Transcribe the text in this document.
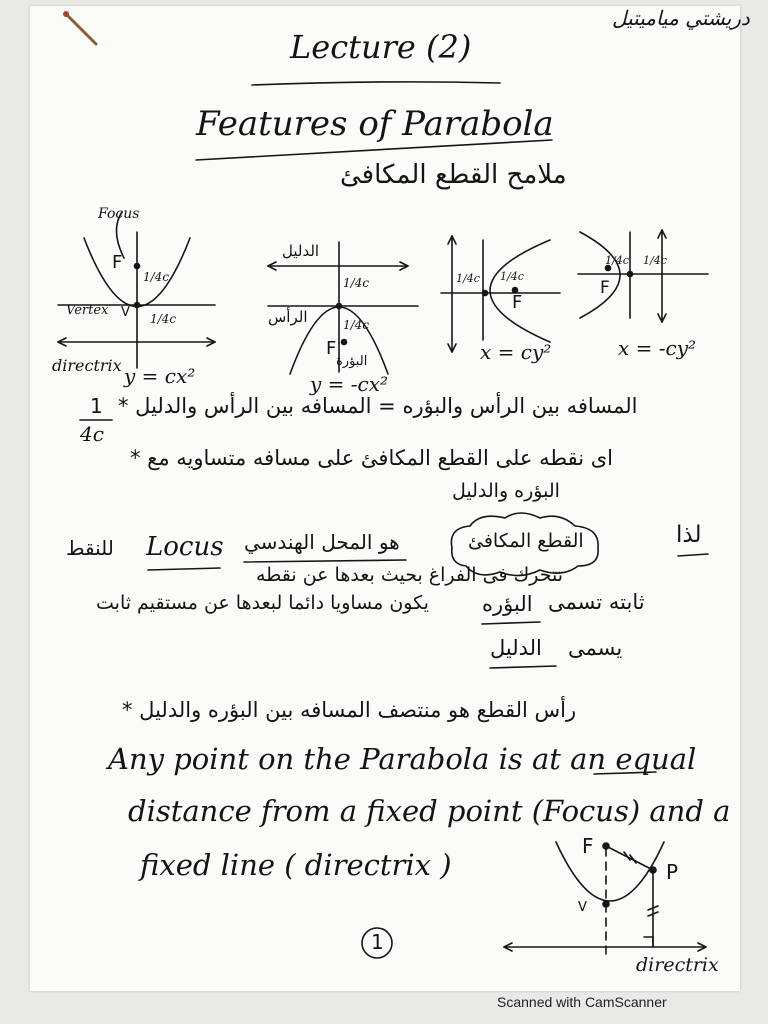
دريشتي مياميتيل
Lecture (2)
Features of Parabola
ملامح القطع المكافئ
Focus
F
1/4c
Vertex V 1/4c
directrix y = cx²
الدليل
1/4c
الرأس	1/4c
F
البؤرة
y = -cx²
1/4c 1/4c
F
x = cy²
1/4c 1/4c
F
x = -cy²
1
4c
المسافه بين الرأس والبؤره = المسافه بين الرأس والدليل *
اى نقطه على القطع المكافئ على مسافه متساويه مع *
البؤره والدليل
لذا
القطع المكافئ
هو المحل الهندسي
Locus
للنقط
تتحرك فى الفراغ بحيث بعدها عن نقطه
ثابته تسمى
البؤره
يكون مساويا دائما لبعدها عن مستقيم ثابت
يسمى
الدليل
رأس القطع هو منتصف المسافه بين البؤره والدليل *
Any point on the Parabola is at an equal
distance from a fixed point (Focus) and a
fixed line ( directrix )
F
P
V
directrix
1
Scanned with CamScanner
